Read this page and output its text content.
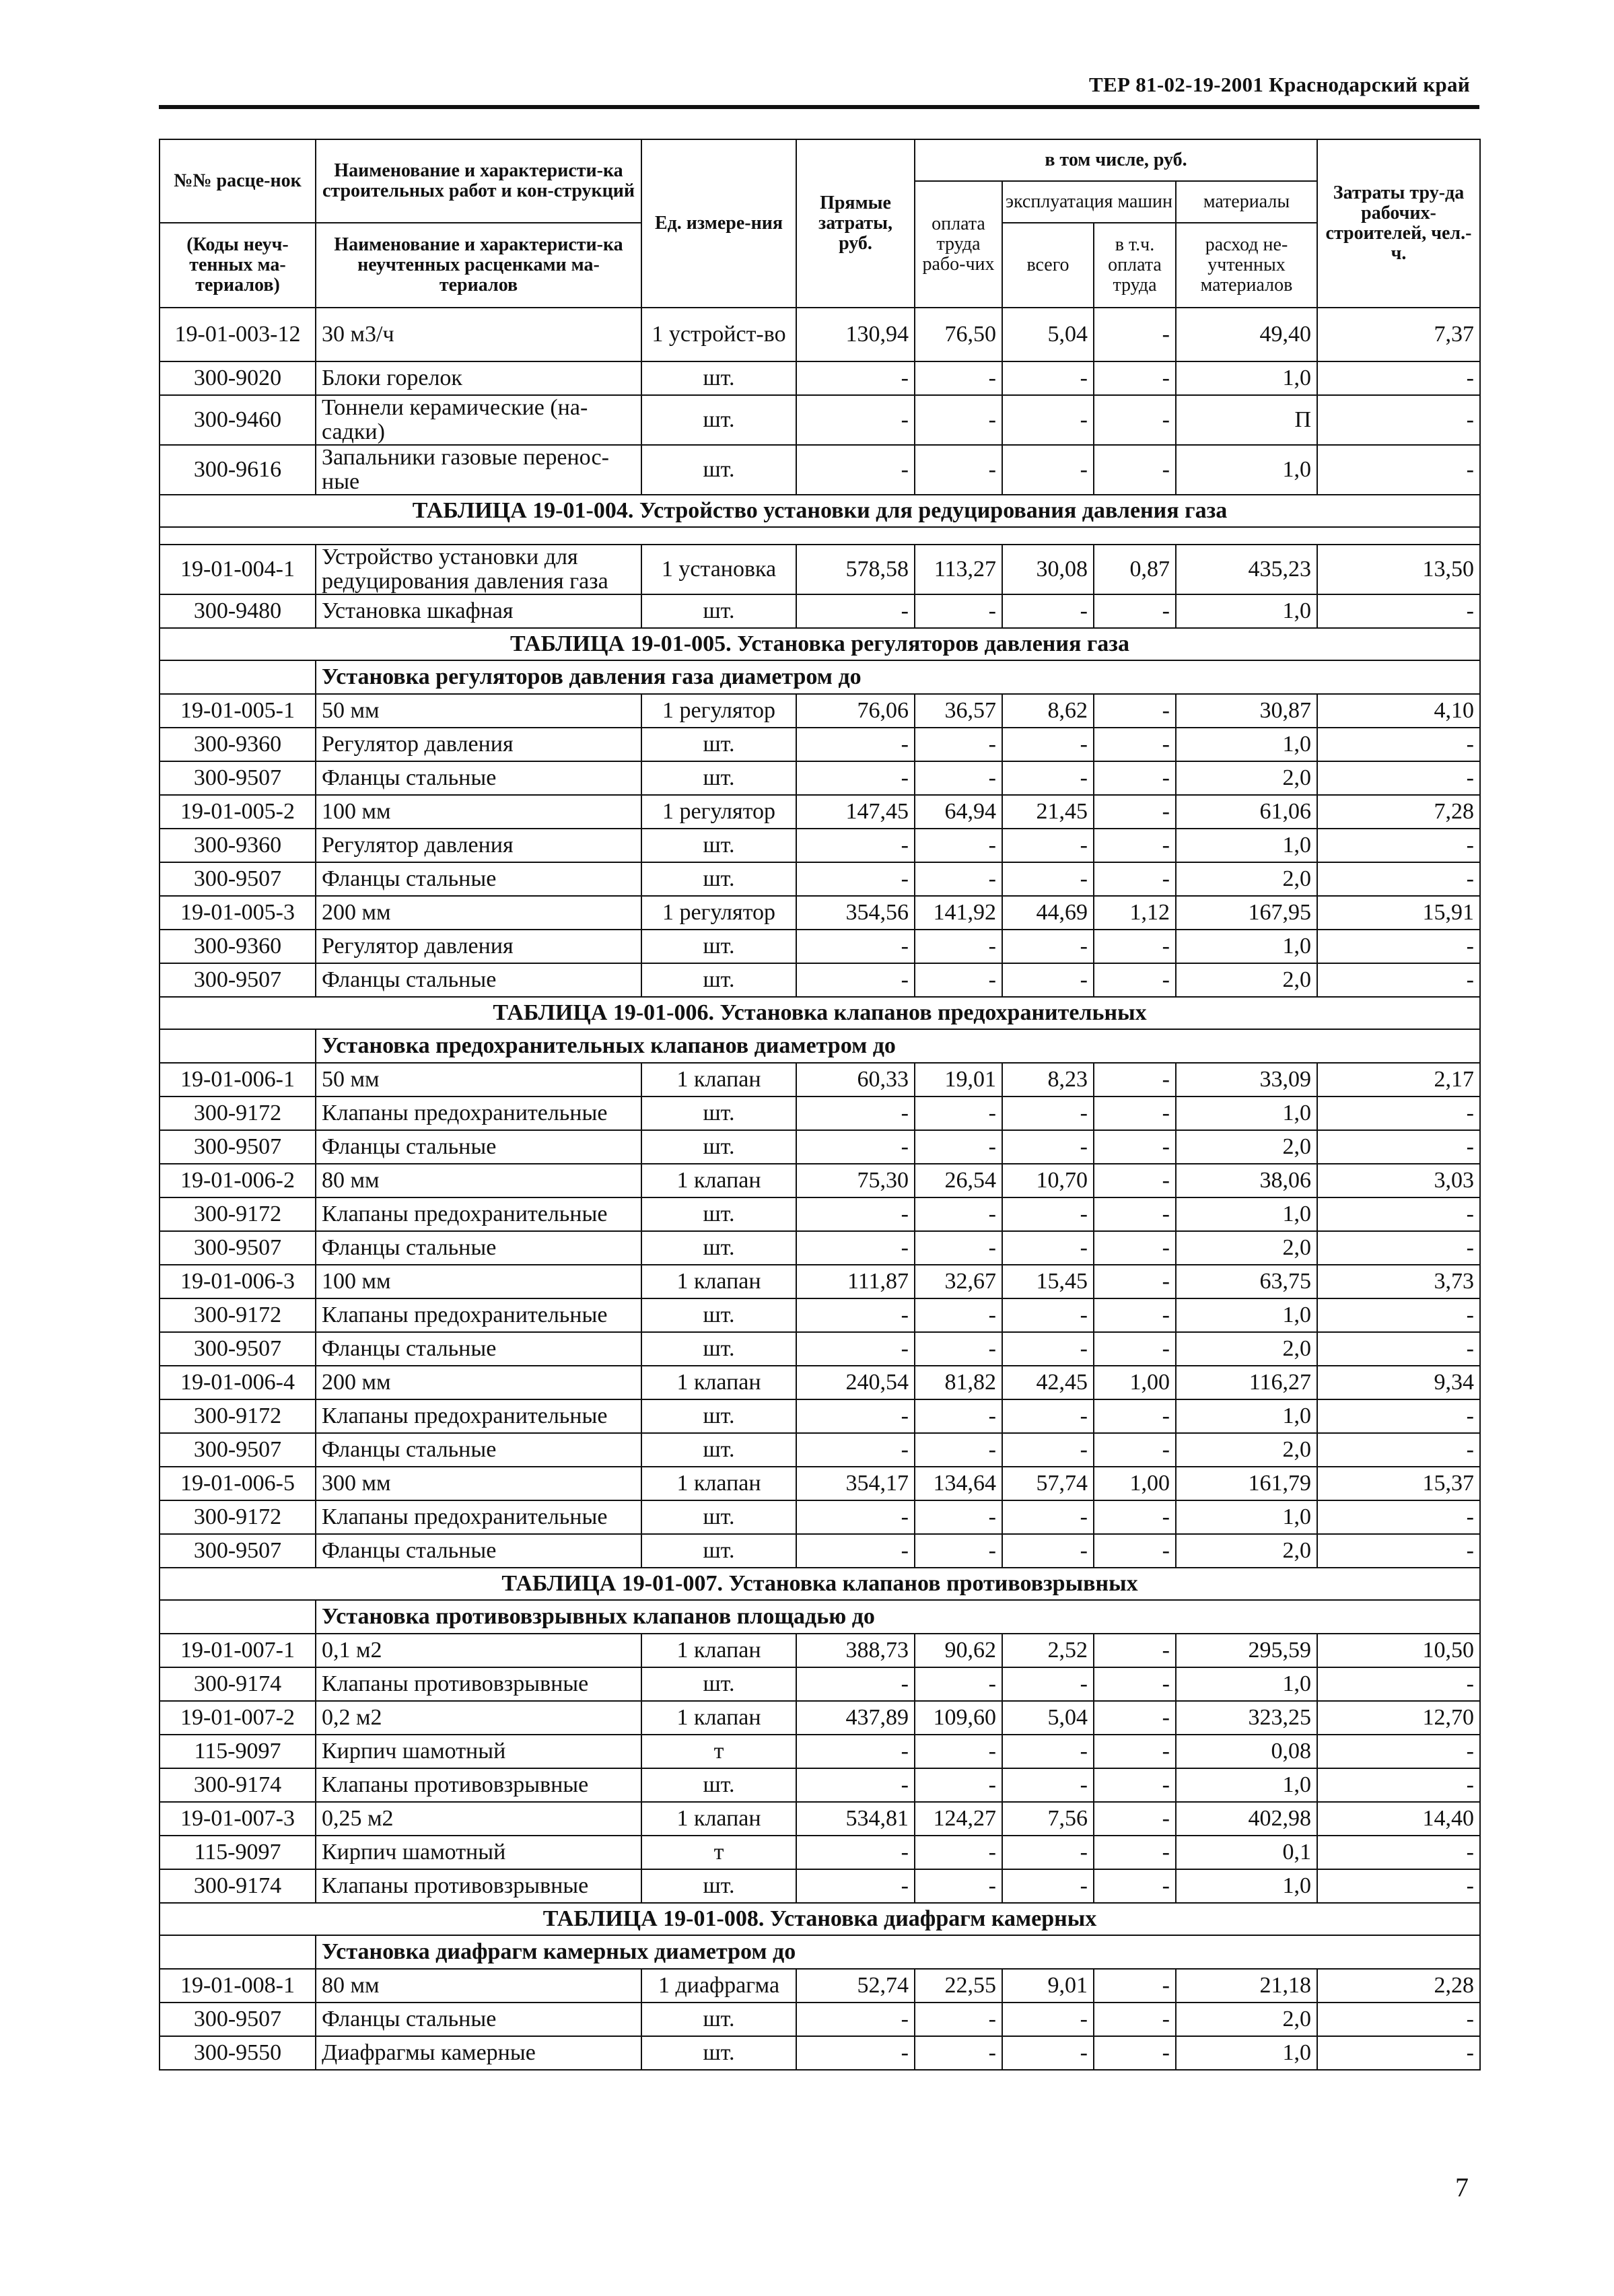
ТЕР 81-02-19-2001 Краснодарский край
№№ расце-нок	Наименование и характеристи-ка строительных работ и кон-струкций	Ед. измере-ния	Прямые затраты, руб.	в том числе, руб.				Затраты тру-да рабочих-строителей, чел.-ч.
				оплата труда рабо-чих	эксплуатация машин		материалы	
(Коды неуч-тенных ма-териалов)	Наименование и характеристи-ка неучтенных расценками ма-териалов				всего	в т.ч. оплата труда	расход не-учтенных материалов	
19-01-003-12	30 м3/ч	1 устройст-во	130,94	76,50	5,04	-	49,40	7,37
300-9020	Блоки горелок	шт.	-	-	-	-	1,0	-
300-9460	Тоннели керамические (на-садки)	шт.	-	-	-	-	П	-
300-9616	Запальники газовые перенос-ные	шт.	-	-	-	-	1,0	-
ТАБЛИЦА 19-01-004. Устройство установки для редуцирования давления газа								

19-01-004-1	Устройство установки для редуцирования давления газа	1 установка	578,58	113,27	30,08	0,87	435,23	13,50
300-9480	Установка шкафная	шт.	-	-	-	-	1,0	-
ТАБЛИЦА 19-01-005. Установка регуляторов давления газа								
	Установка регуляторов давления газа диаметром до							
19-01-005-1	50 мм	1 регулятор	76,06	36,57	8,62	-	30,87	4,10
300-9360	Регулятор давления	шт.	-	-	-	-	1,0	-
300-9507	Фланцы стальные	шт.	-	-	-	-	2,0	-
19-01-005-2	100 мм	1 регулятор	147,45	64,94	21,45	-	61,06	7,28
300-9360	Регулятор давления	шт.	-	-	-	-	1,0	-
300-9507	Фланцы стальные	шт.	-	-	-	-	2,0	-
19-01-005-3	200 мм	1 регулятор	354,56	141,92	44,69	1,12	167,95	15,91
300-9360	Регулятор давления	шт.	-	-	-	-	1,0	-
300-9507	Фланцы стальные	шт.	-	-	-	-	2,0	-
ТАБЛИЦА 19-01-006. Установка клапанов предохранительных								
	Установка предохранительных клапанов диаметром до							
19-01-006-1	50 мм	1 клапан	60,33	19,01	8,23	-	33,09	2,17
300-9172	Клапаны предохранительные	шт.	-	-	-	-	1,0	-
300-9507	Фланцы стальные	шт.	-	-	-	-	2,0	-
19-01-006-2	80 мм	1 клапан	75,30	26,54	10,70	-	38,06	3,03
300-9172	Клапаны предохранительные	шт.	-	-	-	-	1,0	-
300-9507	Фланцы стальные	шт.	-	-	-	-	2,0	-
19-01-006-3	100 мм	1 клапан	111,87	32,67	15,45	-	63,75	3,73
300-9172	Клапаны предохранительные	шт.	-	-	-	-	1,0	-
300-9507	Фланцы стальные	шт.	-	-	-	-	2,0	-
19-01-006-4	200 мм	1 клапан	240,54	81,82	42,45	1,00	116,27	9,34
300-9172	Клапаны предохранительные	шт.	-	-	-	-	1,0	-
300-9507	Фланцы стальные	шт.	-	-	-	-	2,0	-
19-01-006-5	300 мм	1 клапан	354,17	134,64	57,74	1,00	161,79	15,37
300-9172	Клапаны предохранительные	шт.	-	-	-	-	1,0	-
300-9507	Фланцы стальные	шт.	-	-	-	-	2,0	-
ТАБЛИЦА 19-01-007. Установка клапанов противовзрывных								
	Установка противовзрывных клапанов площадью до							
19-01-007-1	0,1 м2	1 клапан	388,73	90,62	2,52	-	295,59	10,50
300-9174	Клапаны противовзрывные	шт.	-	-	-	-	1,0	-
19-01-007-2	0,2 м2	1 клапан	437,89	109,60	5,04	-	323,25	12,70
115-9097	Кирпич шамотный	т	-	-	-	-	0,08	-
300-9174	Клапаны противовзрывные	шт.	-	-	-	-	1,0	-
19-01-007-3	0,25 м2	1 клапан	534,81	124,27	7,56	-	402,98	14,40
115-9097	Кирпич шамотный	т	-	-	-	-	0,1	-
300-9174	Клапаны противовзрывные	шт.	-	-	-	-	1,0	-
ТАБЛИЦА 19-01-008. Установка диафрагм камерных								
	Установка диафрагм камерных диаметром до							
19-01-008-1	80 мм	1 диафрагма	52,74	22,55	9,01	-	21,18	2,28
300-9507	Фланцы стальные	шт.	-	-	-	-	2,0	-
300-9550	Диафрагмы камерные	шт.	-	-	-	-	1,0	-
7
